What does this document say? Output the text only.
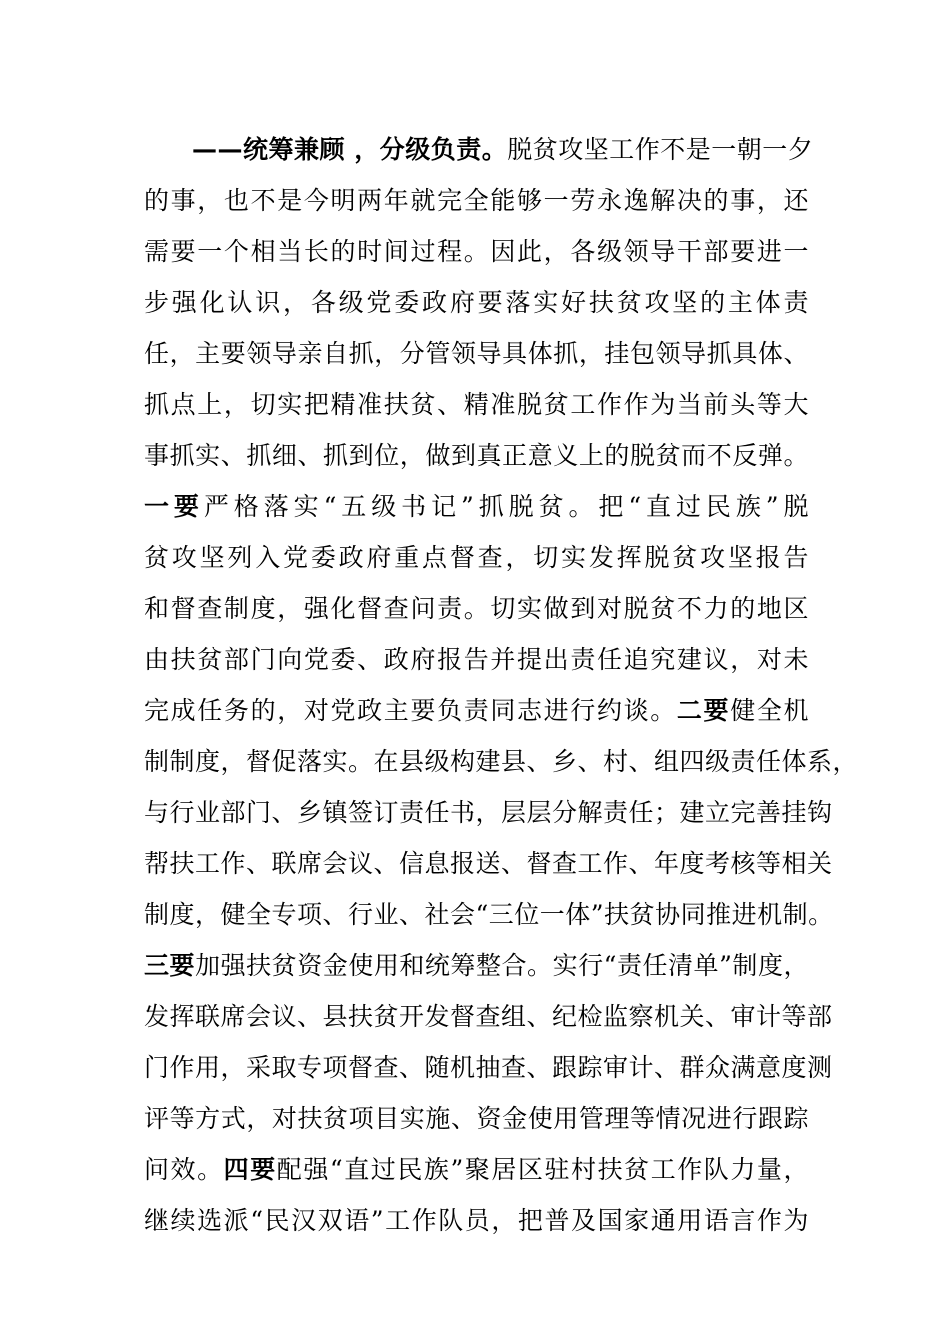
——统筹兼顾 ，分级负责。脱贫攻坚工作不是一朝一夕
的事，也不是今明两年就完全能够一劳永逸解决的事，还
需要一个相当长的时间过程。因此，各级领导干部要进一
步强化认识，各级党委政府要落实好扶贫攻坚的主体责
任，主要领导亲自抓，分管领导具体抓，挂包领导抓具体、
抓点上，切实把精准扶贫、精准脱贫工作作为当前头等大
事抓实、抓细、抓到位，做到真正意义上的脱贫而不反弹。
一要严格落实“五级书记”抓脱贫。把“直过民族”脱
贫攻坚列入党委政府重点督查，切实发挥脱贫攻坚报告
和督查制度，强化督查问责。切实做到对脱贫不力的地区
由扶贫部门向党委、政府报告并提出责任追究建议，对未
完成任务的，对党政主要负责同志进行约谈。二要健全机
制制度，督促落实。在县级构建县、乡、村、组四级责任体系，
与行业部门、乡镇签订责任书，层层分解责任；建立完善挂钩
帮扶工作、联席会议、信息报送、督查工作、年度考核等相关
制度，健全专项、行业、社会“三位一体”扶贫协同推进机制。
三要加强扶贫资金使用和统筹整合。实行“责任清单”制度，
发挥联席会议、县扶贫开发督查组、纪检监察机关、审计等部
门作用，采取专项督查、随机抽查、跟踪审计、群众满意度测
评等方式，对扶贫项目实施、资金使用管理等情况进行跟踪
问效。四要配强“直过民族”聚居区驻村扶贫工作队力量，
继续选派“民汉双语”工作队员，把普及国家通用语言作为
